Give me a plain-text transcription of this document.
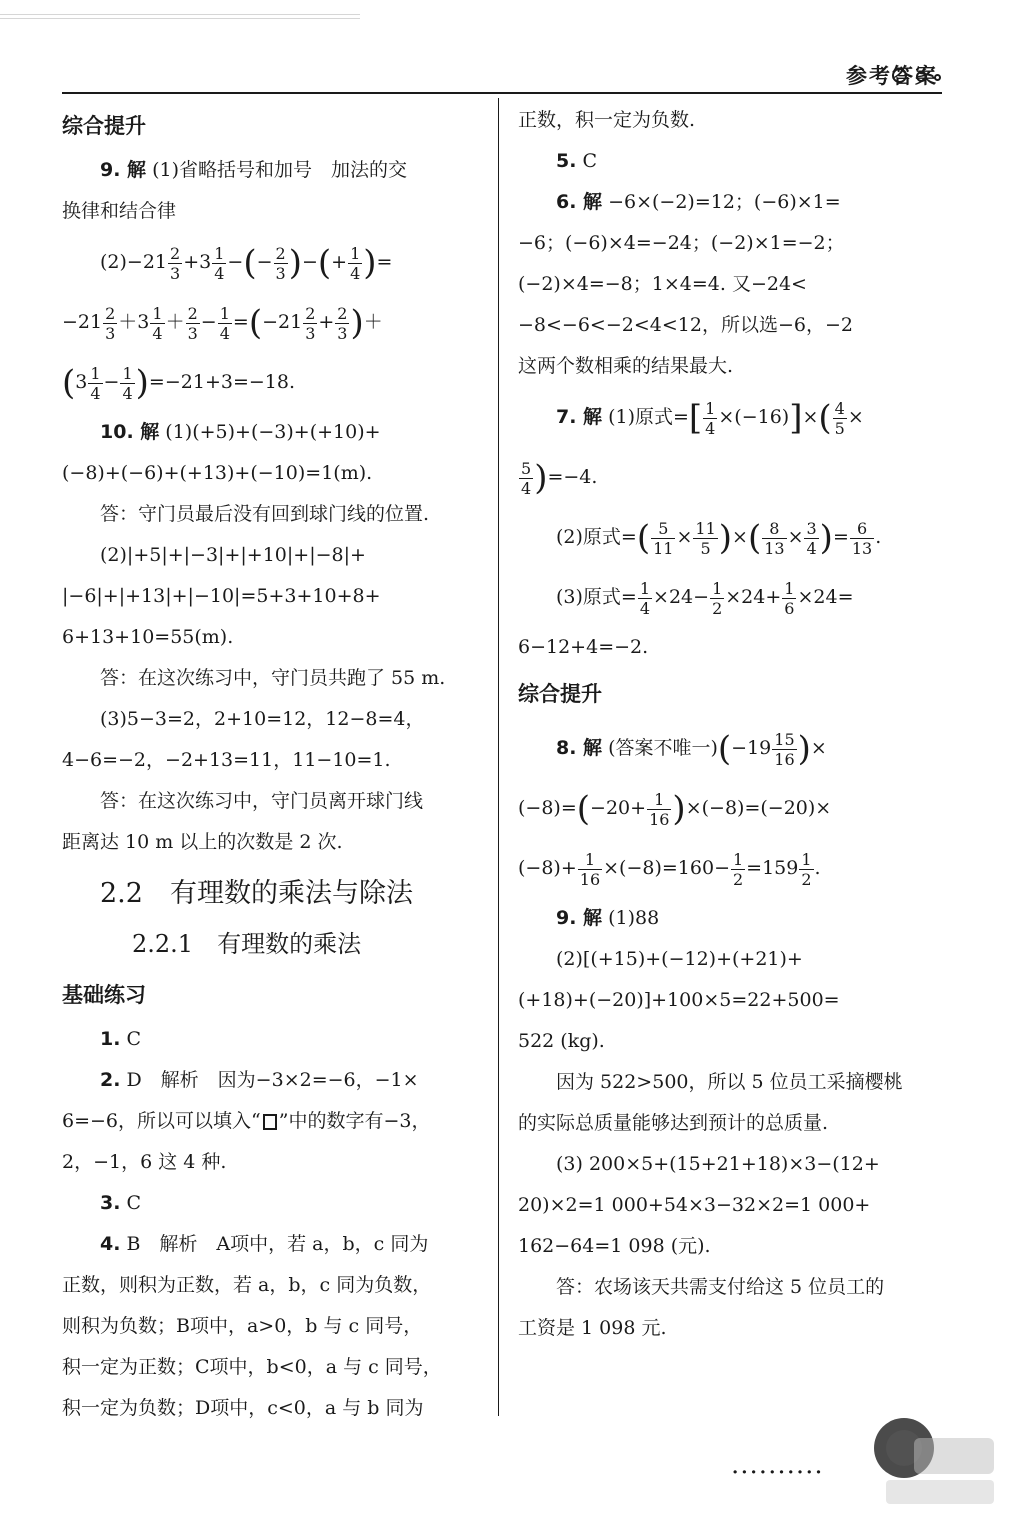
参考答案
综合提升
9. 解 (1)省略括号和加号　加法的交
换律和结合律
$(2)-21 \frac{2}{3} +3 \frac{1}{4}$ −(− $\frac{2}{3}$ )−(+ $\frac{1}{4}$ )=
$-21 \frac{2}{3} +3 \frac{1}{4} + \frac{2}{3} - \frac{1}{4} =(-21 \frac{2}{3} + \frac{2}{3}$ )＋
$(3 \frac{1}{4} - \frac{1}{4} )=-21+3=-18$.
10. 解 (1)(+5)+(−3)+(+10)+
(−8)+(−6)+(+13)+(−10)=1(m).
答：守门员最后没有回到球门线的位置.
(2)|+5|+|−3|+|+10|+|−8|+
|−6|+|+13|+|−10|=5+3+10+8+
6+13+10=55(m).
答：在这次练习中，守门员共跑了 55 m.
(3)5−3=2，2+10=12，12−8=4，
4−6=−2，−2+13=11，11−10=1.
答：在这次练习中，守门员离开球门线
距离达 10 m 以上的次数是 2 次.
2.2　有理数的乘法与除法
2.2.1　有理数的乘法
基础练习
1. C
2. D　解析　因为−3×2=−6，−1×
6=−6，所以可以填入“ ”中的数字有−3，
2，−1，6 这 4 种.
3. C
4. B　解析　A项中，若 a，b，c 同为
正数，则积为正数，若 a，b，c 同为负数，
则积为负数；B项中，a>0，b 与 c 同号，
积一定为正数；C项中，b<0，a 与 c 同号，
积一定为负数；D项中，c<0，a 与 b 同为
正数，积一定为负数.
5. C
6. 解 −6×(−2)=12；(−6)×1=
−6；(−6)×4=−24；(−2)×1=−2；
(−2)×4=−8；1×4=4. 又−24<
−8<−6<−2<4<12，所以选−6，−2
这两个数相乘的结果最大.
7. 解 (1)原式=[ $\frac{1}{4} \times(-16)]\times( \frac{4}{5}$ ×
$\frac{5}{4} )=-4$.
(2)原式=( $\frac{5}{11} \times \frac{11}{5}$ )×( $\frac{8}{13} \times \frac{3}{4}$ )= $\frac{6}{13}$ .
(3)原式= $\frac{1}{4} \times 24- \frac{1}{2} \times 24+ \frac{1}{6} \times 24=$
6−12+4=−2.
综合提升
8. 解 (答案不唯一)($-19 \frac{15}{16}$ )×
$(-8)=(-20+ \frac{1}{16} )\times(-8)=(-20)\times$
$(-8)+ \frac{1}{16} \times(-8)=160- \frac{1}{2} =159 \frac{1}{2}$ .
9. 解 (1)88
(2)[(+15)+(−12)+(+21)+
(+18)+(−20)]+100×5=22+500=
522 (kg).
因为 522>500，所以 5 位员工采摘樱桃
的实际总质量能够达到预计的总质量.
(3) 200×5+(15+21+18)×3−(12+
20)×2=1 000+54×3−32×2=1 000+
162−64=1 098 (元).
答：农场该天共需支付给这 5 位员工的
工资是 1 098 元.
··········
